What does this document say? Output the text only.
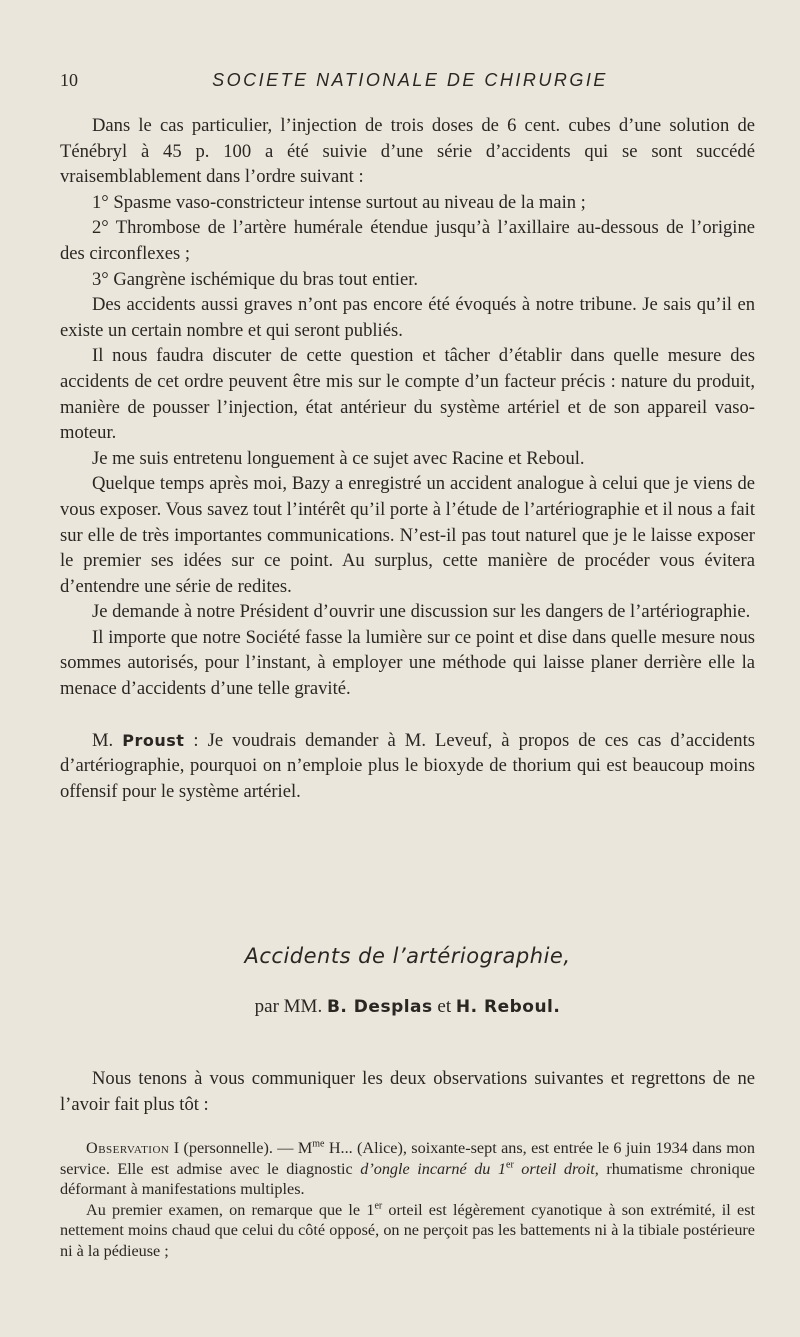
10	SOCIETE NATIONALE DE CHIRURGIE

Dans le cas particulier, l’injection de trois doses de 6 cent. cubes d’une solution de Ténébryl à 45 p. 100 a été suivie d’une série d’accidents qui se sont succédé vraisemblablement dans l’ordre suivant :

1° Spasme vaso-constricteur intense surtout au niveau de la main ;

2° Thrombose de l’artère humérale étendue jusqu’à l’axillaire au-dessous de l’origine des circonflexes ;

3° Gangrène ischémique du bras tout entier.

Des accidents aussi graves n’ont pas encore été évoqués à notre tribune. Je sais qu’il en existe un certain nombre et qui seront publiés.

Il nous faudra discuter de cette question et tâcher d’établir dans quelle mesure des accidents de cet ordre peuvent être mis sur le compte d’un facteur précis : nature du produit, manière de pousser l’injection, état antérieur du système artériel et de son appareil vaso-moteur.

Je me suis entretenu longuement à ce sujet avec Racine et Reboul.

Quelque temps après moi, Bazy a enregistré un accident analogue à celui que je viens de vous exposer. Vous savez tout l’intérêt qu’il porte à l’étude de l’artériographie et il nous a fait sur elle de très importantes communications. N’est-il pas tout naturel que je le laisse exposer le premier ses idées sur ce point. Au surplus, cette manière de procéder vous évitera d’entendre une série de redites.

Je demande à notre Président d’ouvrir une discussion sur les dangers de l’artériographie.

Il importe que notre Société fasse la lumière sur ce point et dise dans quelle mesure nous sommes autorisés, pour l’instant, à employer une méthode qui laisse planer derrière elle la menace d’accidents d’une telle gravité.

M. Proust : Je voudrais demander à M. Leveuf, à propos de ces cas d’accidents d’artériographie, pourquoi on n’emploie plus le bioxyde de thorium qui est beaucoup moins offensif pour le système artériel.

Accidents de l’artériographie,
par MM. B. Desplas et H. Reboul.

Nous tenons à vous communiquer les deux observations suivantes et regrettons de ne l’avoir fait plus tôt :

Observation I (personnelle). — $M^{me}$ H... (Alice), soixante-sept ans, est entrée le 6 juin 1934 dans mon service. Elle est admise avec le diagnostic d’ongle incarné du 1er orteil droit, rhumatisme chronique déformant à manifestations multiples.

Au premier examen, on remarque que le 1er orteil est légèrement cyanotique à son extrémité, il est nettement moins chaud que celui du côté opposé, on ne perçoit pas les battements ni à la tibiale postérieure ni à la pédieuse ;
